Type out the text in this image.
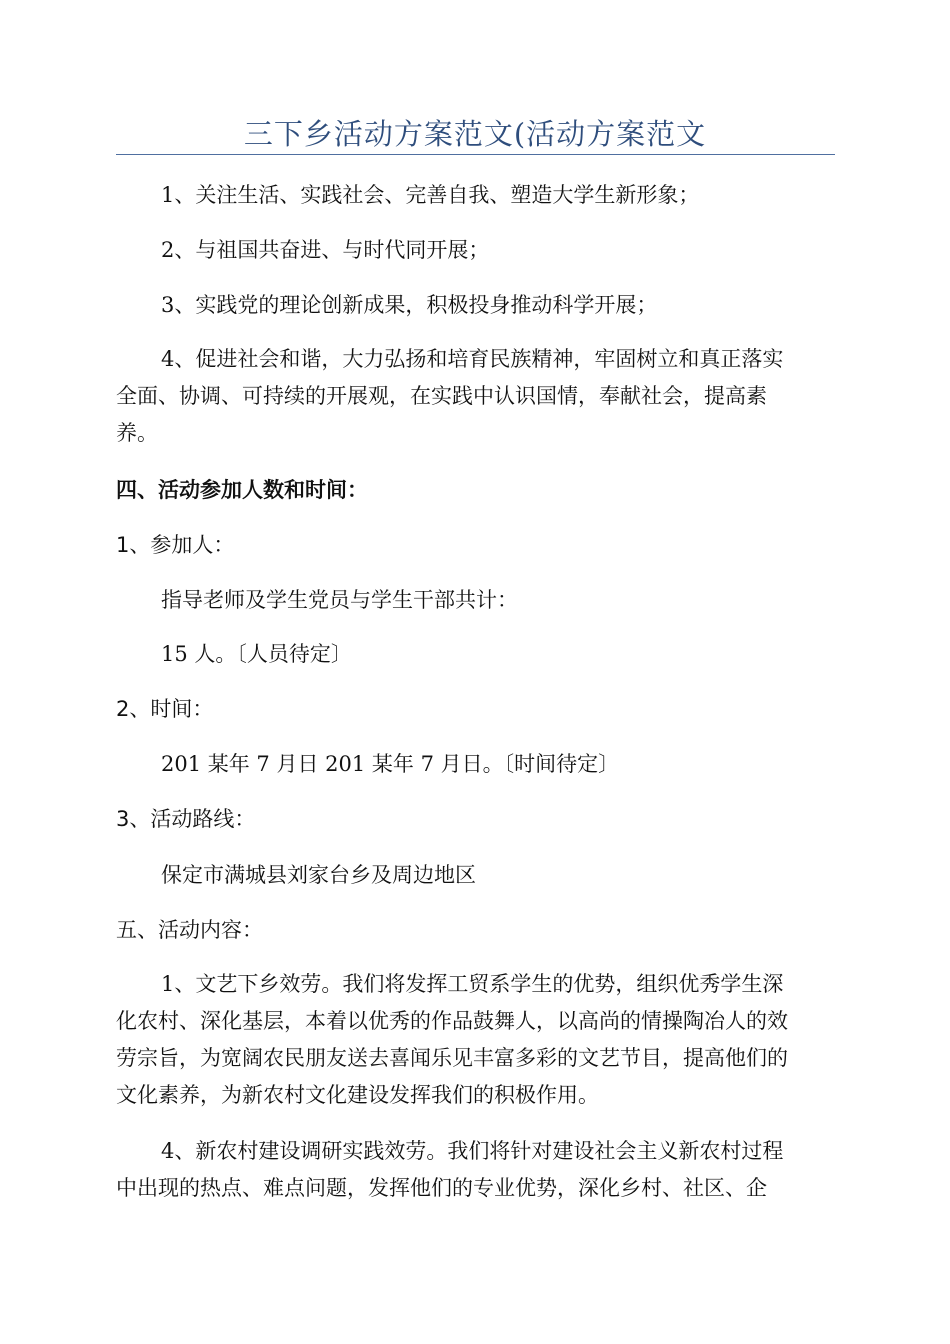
三下乡活动方案范文(活动方案范文

1、关注生活、实践社会、完善自我、塑造大学生新形象；

2、与祖国共奋进、与时代同开展；

3、实践党的理论创新成果，积极投身推动科学开展；

4、促进社会和谐，大力弘扬和培育民族精神，牢固树立和真正落实
全面、协调、可持续的开展观，在实践中认识国情，奉献社会，提高素
养。

四、活动参加人数和时间：

1、参加人：

指导老师及学生党员与学生干部共计：

15 人。〔人员待定〕

2、时间：

201 某年 7 月日 201 某年 7 月日。〔时间待定〕

3、活动路线：

保定市满城县刘家台乡及周边地区

五、活动内容：

1、文艺下乡效劳。我们将发挥工贸系学生的优势，组织优秀学生深
化农村、深化基层，本着以优秀的作品鼓舞人，以高尚的情操陶冶人的效
劳宗旨，为宽阔农民朋友送去喜闻乐见丰富多彩的文艺节目，提高他们的
文化素养，为新农村文化建设发挥我们的积极作用。
4、新农村建设调研实践效劳。我们将针对建设社会主义新农村过程
中出现的热点、难点问题，发挥他们的专业优势，深化乡村、社区、企
